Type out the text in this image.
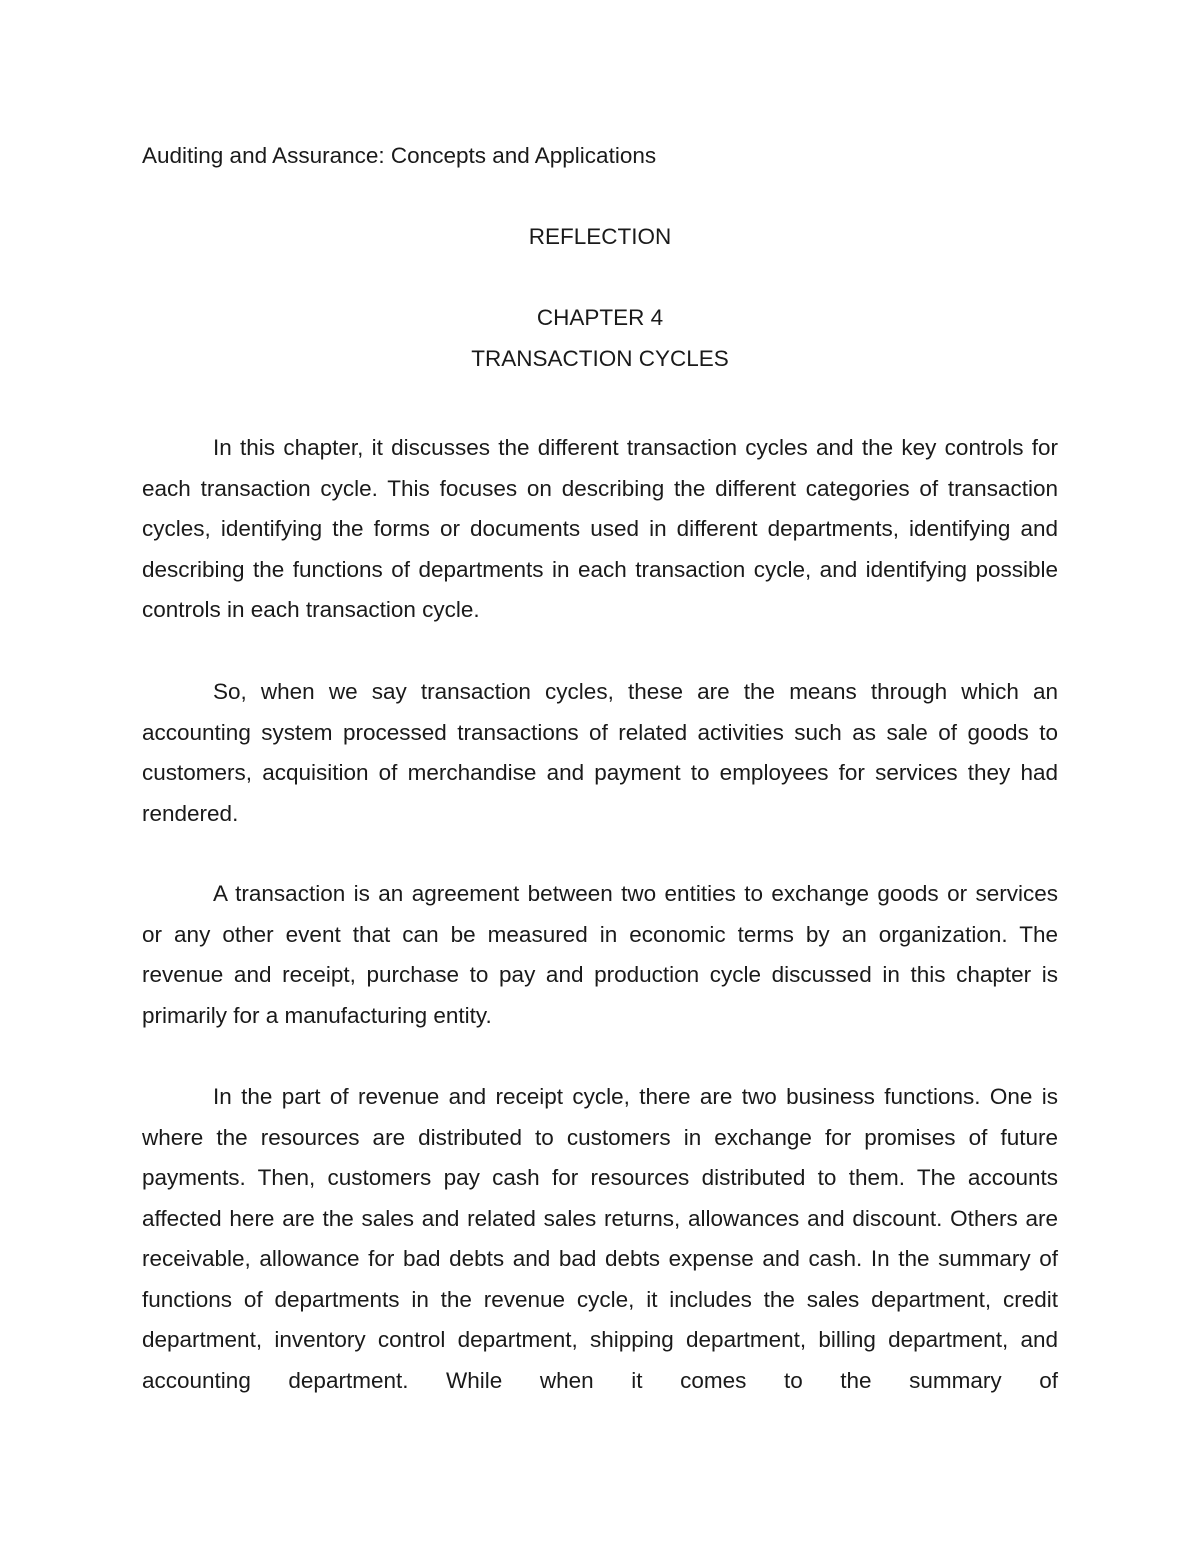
Auditing and Assurance: Concepts and Applications

REFLECTION

CHAPTER 4

TRANSACTION CYCLES

In this chapter, it discusses the different transaction cycles and the key controls for each transaction cycle. This focuses on describing the different categories of transaction cycles, identifying the forms or documents used in different departments, identifying and describing the functions of departments in each transaction cycle, and identifying possible controls in each transaction cycle.

So, when we say transaction cycles, these are the means through which an accounting system processed transactions of related activities such as sale of goods to customers, acquisition of merchandise and payment to employees for services they had rendered.

A transaction is an agreement between two entities to exchange goods or services or any other event that can be measured in economic terms by an organization. The revenue and receipt, purchase to pay and production cycle discussed in this chapter is primarily for a manufacturing entity.

In the part of revenue and receipt cycle, there are two business functions. One is where the resources are distributed to customers in exchange for promises of future payments. Then, customers pay cash for resources distributed to them. The accounts affected here are the sales and related sales returns, allowances and discount. Others are receivable, allowance for bad debts and bad debts expense and cash. In the summary of functions of departments in the revenue cycle, it includes the sales department, credit department, inventory control department, shipping department, billing department, and accounting department. While when it comes to the summary of
